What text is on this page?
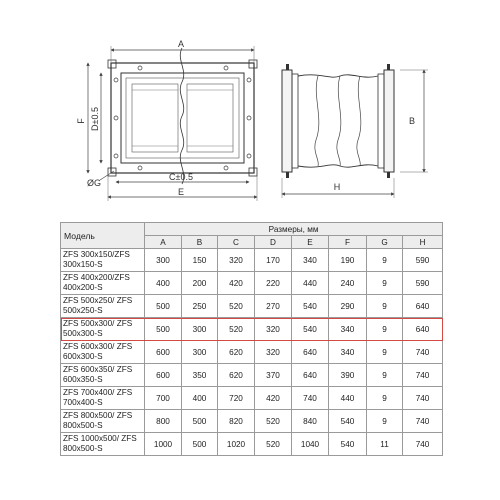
A
F D±0.5
ØG
C±0.5
E
B
H
Модель	Размеры, мм							
	A	B	C	D	E	F	G	H
ZFS 300x150/ZFS
300x150-S	300	150	320	170	340	190	9	590
ZFS 400x200/ZFS
400x200-S	400	200	420	220	440	240	9	590
ZFS 500x250/ ZFS
500x250-S	500	250	520	270	540	290	9	640
ZFS 500x300/ ZFS
500x300-S	500	300	520	320	540	340	9	640
ZFS 600x300/ ZFS
600x300-S	600	300	620	320	640	340	9	740
ZFS 600x350/ ZFS
600x350-S	600	350	620	370	640	390	9	740
ZFS 700x400/ ZFS
700x400-S	700	400	720	420	740	440	9	740
ZFS 800x500/ ZFS
800x500-S	800	500	820	520	840	540	9	740
ZFS 1000x500/ ZFS
800x500-S	1000	500	1020	520	1040	540	11	740
